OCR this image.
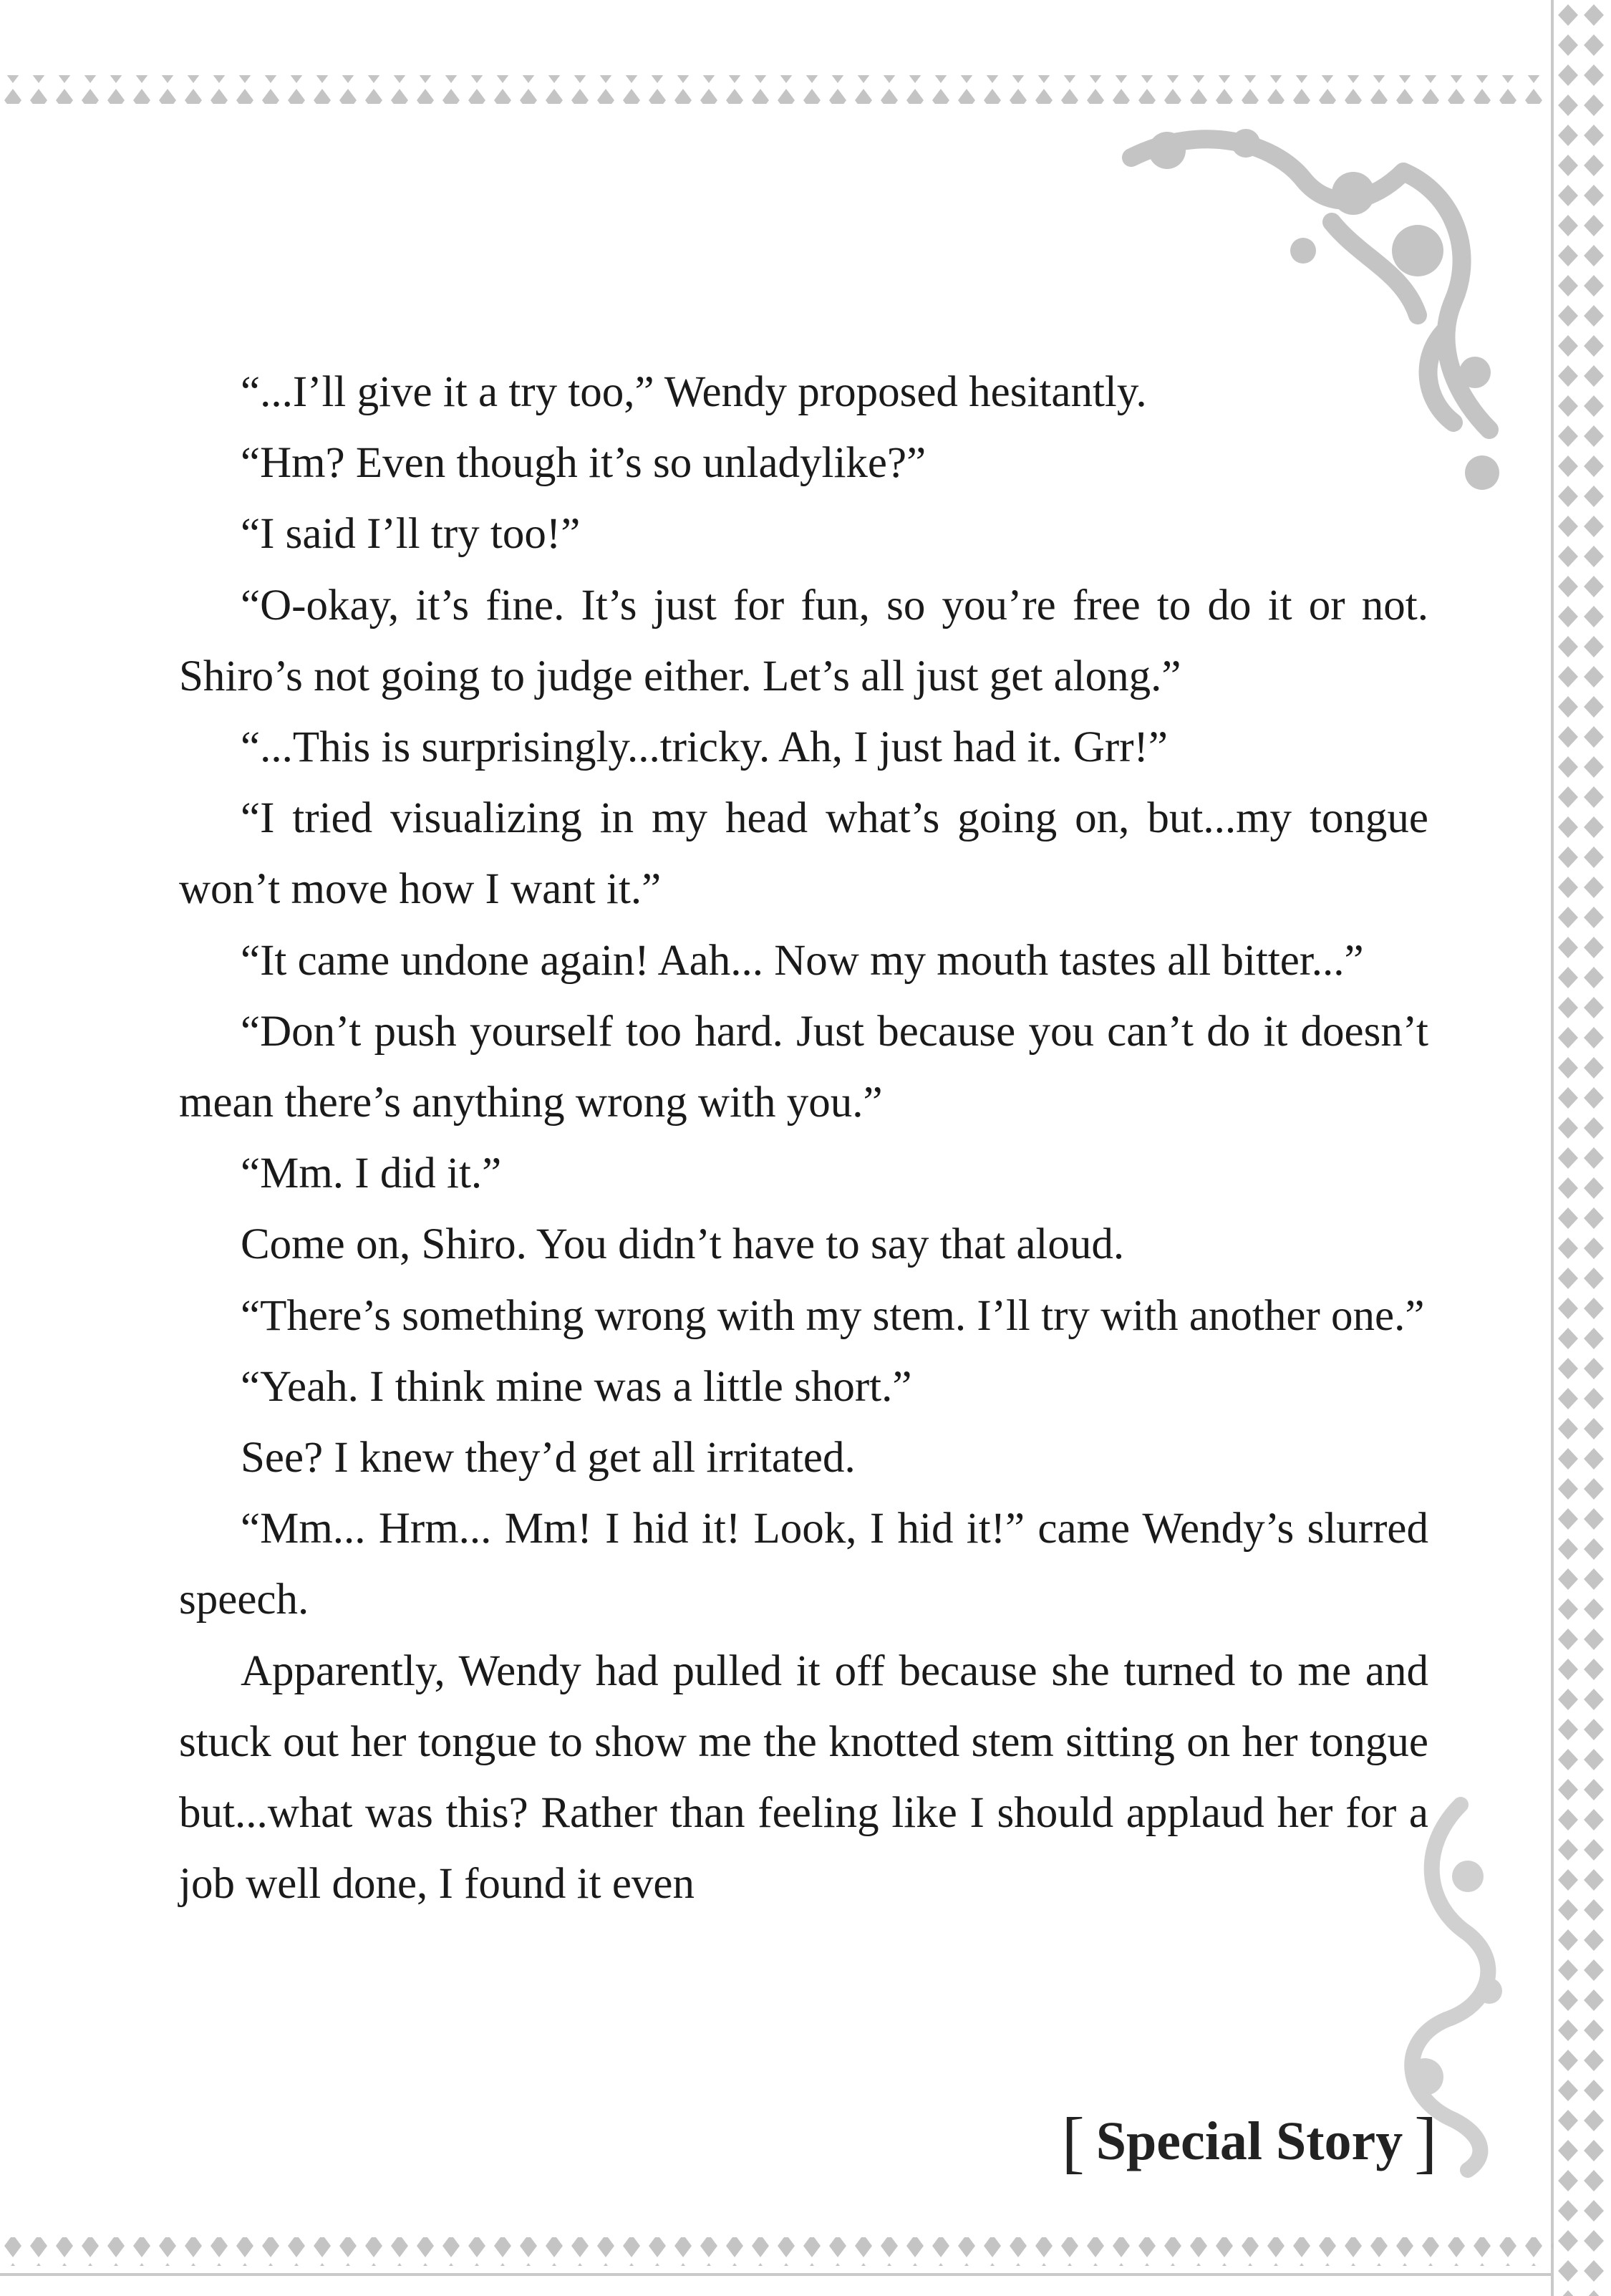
“...I’ll give it a try too,” Wendy proposed hesitantly.

“Hm? Even though it’s so unladylike?”

“I said I’ll try too!”

“O-okay, it’s fine. It’s just for fun, so you’re free to do it or not. Shiro’s not going to judge either. Let’s all just get along.”

“...This is surprisingly...tricky. Ah, I just had it. Grr!”

“I tried visualizing in my head what’s going on, but...my tongue won’t move how I want it.”

“It came undone again! Aah... Now my mouth tastes all bitter...”

“Don’t push yourself too hard. Just because you can’t do it doesn’t mean there’s anything wrong with you.”

“Mm. I did it.”

Come on, Shiro. You didn’t have to say that aloud.

“There’s something wrong with my stem. I’ll try with another one.”

“Yeah. I think mine was a little short.”

See? I knew they’d get all irritated.

“Mm... Hrm... Mm! I hid it! Look, I hid it!” came Wendy’s slurred speech.

Apparently, Wendy had pulled it off because she turned to me and stuck out her tongue to show me the knotted stem sitting on her tongue but...what was this? Rather than feeling like I should applaud her for a job well done, I found it even

[ Special Story ]
